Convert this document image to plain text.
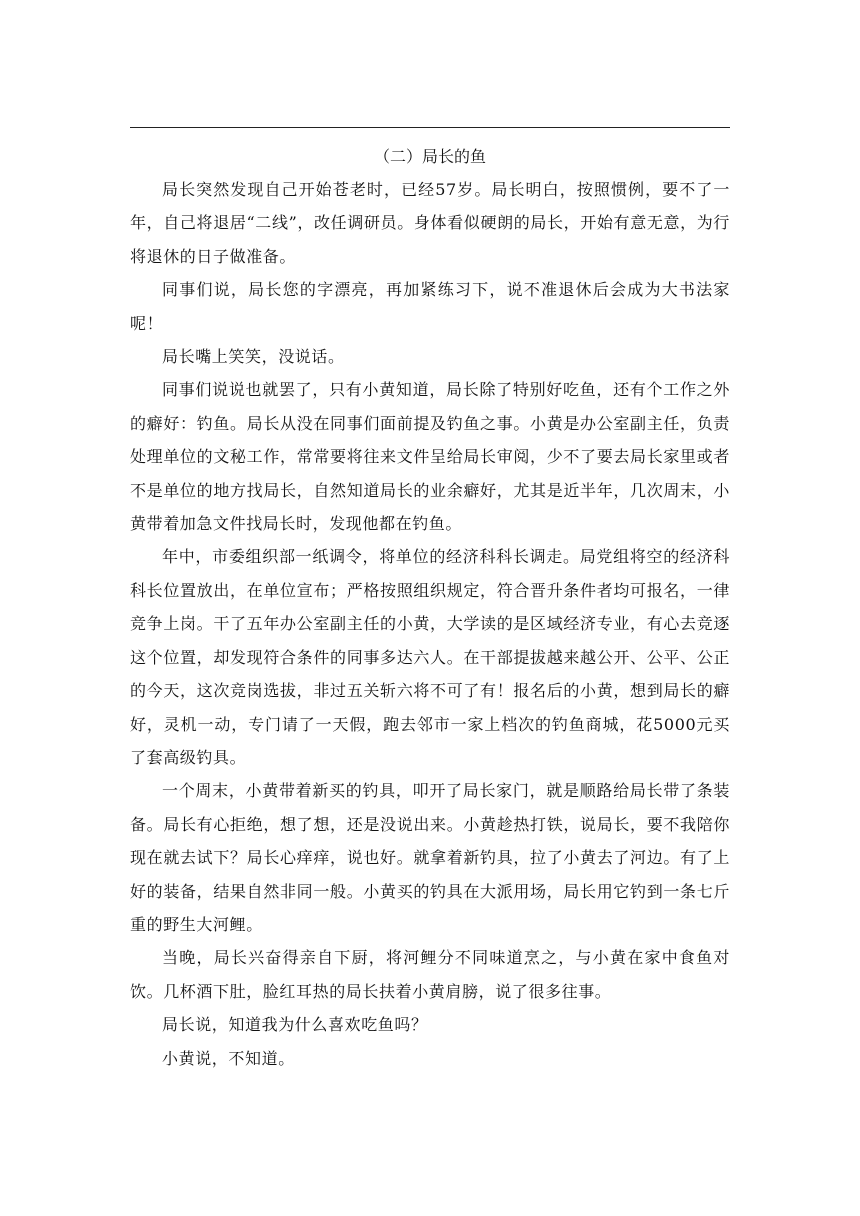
（二）局长的鱼

局长突然发现自己开始苍老时，已经57岁。局长明白，按照惯例，要不了一年，自己将退居“二线”，改任调研员。身体看似硬朗的局长，开始有意无意，为行将退休的日子做准备。

同事们说，局长您的字漂亮，再加紧练习下，说不准退休后会成为大书法家呢！

局长嘴上笑笑，没说话。

同事们说说也就罢了，只有小黄知道，局长除了特别好吃鱼，还有个工作之外的癖好：钓鱼。局长从没在同事们面前提及钓鱼之事。小黄是办公室副主任，负责处理单位的文秘工作，常常要将往来文件呈给局长审阅，少不了要去局长家里或者不是单位的地方找局长，自然知道局长的业余癖好，尤其是近半年，几次周末，小黄带着加急文件找局长时，发现他都在钓鱼。

年中，市委组织部一纸调令，将单位的经济科科长调走。局党组将空的经济科科长位置放出，在单位宣布；严格按照组织规定，符合晋升条件者均可报名，一律竞争上岗。干了五年办公室副主任的小黄，大学读的是区域经济专业，有心去竞逐这个位置，却发现符合条件的同事多达六人。在干部提拔越来越公开、公平、公正的今天，这次竞岗选拔，非过五关斩六将不可了有！报名后的小黄，想到局长的癖好，灵机一动，专门请了一天假，跑去邻市一家上档次的钓鱼商城，花5000元买了套高级钓具。

一个周末，小黄带着新买的钓具，叩开了局长家门，就是顺路给局长带了条装备。局长有心拒绝，想了想，还是没说出来。小黄趁热打铁，说局长，要不我陪你现在就去试下？局长心痒痒，说也好。就拿着新钓具，拉了小黄去了河边。有了上好的装备，结果自然非同一般。小黄买的钓具在大派用场，局长用它钓到一条七斤重的野生大河鲤。

当晚，局长兴奋得亲自下厨，将河鲤分不同味道烹之，与小黄在家中食鱼对饮。几杯酒下肚，脸红耳热的局长扶着小黄肩膀，说了很多往事。

局长说，知道我为什么喜欢吃鱼吗？

小黄说，不知道。
